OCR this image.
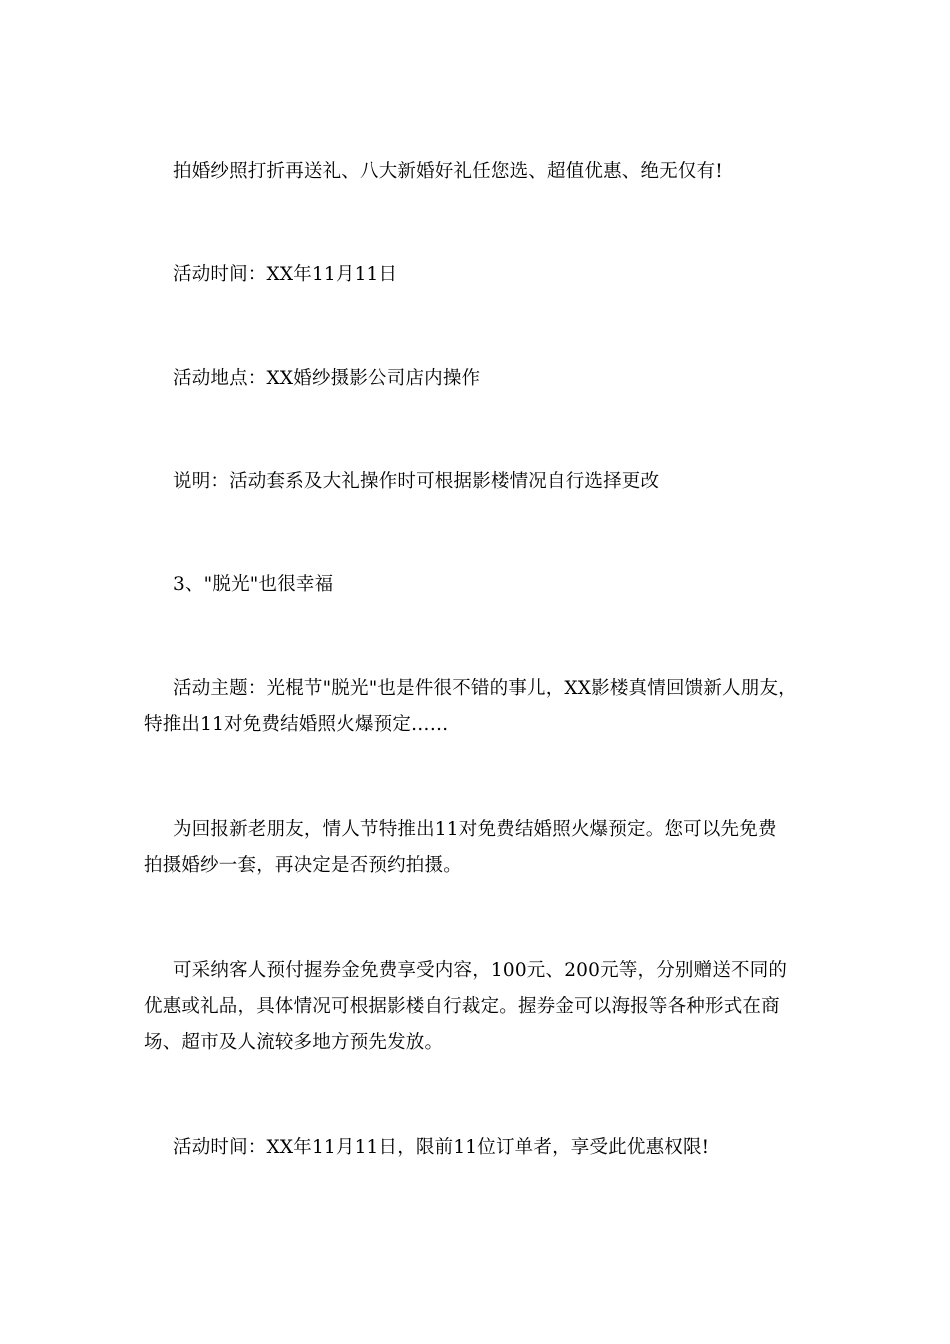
拍婚纱照打折再送礼、八大新婚好礼任您选、超值优惠、绝无仅有!

活动时间：XX年11月11日

活动地点：XX婚纱摄影公司店内操作

说明：活动套系及大礼操作时可根据影楼情况自行选择更改

3、"脱光"也很幸福

活动主题：光棍节"脱光"也是件很不错的事儿，XX影楼真情回馈新人朋友，
特推出11对免费结婚照火爆预定……

为回报新老朋友，情人节特推出11对免费结婚照火爆预定。您可以先免费
拍摄婚纱一套，再决定是否预约拍摄。

可采纳客人预付握券金免费享受内容，100元、200元等，分别赠送不同的
优惠或礼品，具体情况可根据影楼自行裁定。握券金可以海报等各种形式在商
场、超市及人流较多地方预先发放。

活动时间：XX年11月11日，限前11位订单者，享受此优惠权限!
